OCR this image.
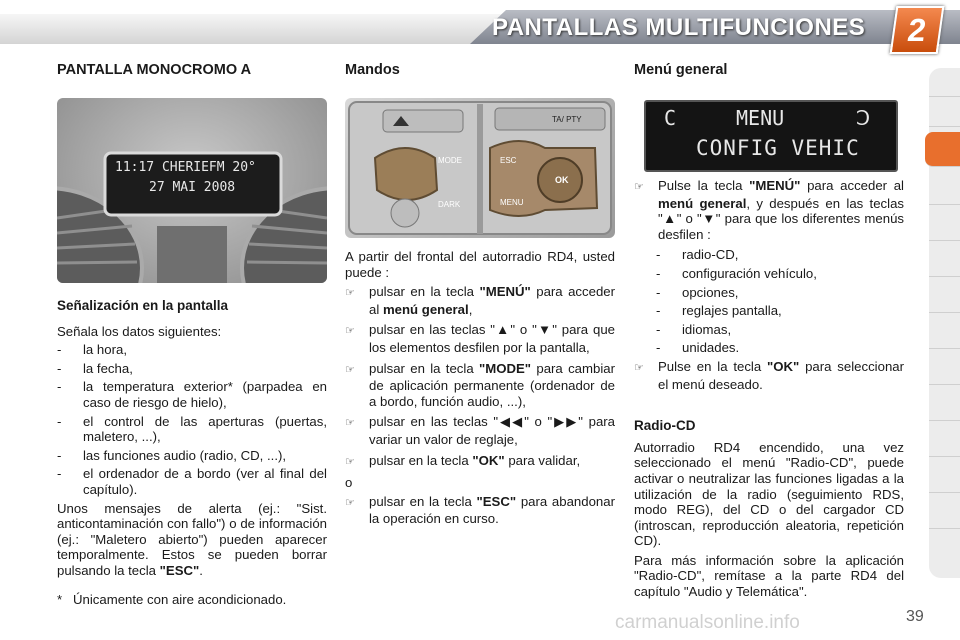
PANTALLAS MULTIFUNCIONES	2
PANTALLA MONOCROMO A
11:17 CHERIEFM 20°
27 MAI 2008
Señalización en la pantalla

Señala los datos siguientes:

- la hora,

- la fecha,

- la temperatura exterior* (parpadea en caso de riesgo de hielo),

- el control de las aperturas (puertas, maletero, ...),

- las funciones audio (radio, CD, ...),

- el ordenador de a bordo (ver al final del capítulo).

Unos mensajes de alerta (ej.: "Sist. anticontaminación con fallo") o de información (ej.: "Maletero abierto") pueden aparecer temporalmente. Estos se pueden borrar pulsando la tecla "ESC".

* Únicamente con aire acondicionado.
Mandos
TA/ PTY
MODE
DARK
ESC
OK
MENU

A partir del frontal del autorradio RD4, usted puede :

☞ pulsar en la tecla "MENÚ" para acceder al menú general,

☞ pulsar en las teclas "▲" o "▼" para que los elementos desfilen por la pantalla,

☞ pulsar en la tecla "MODE" para cambiar de aplicación permanente (ordenador de a bordo, función audio, ...),

☞ pulsar en las teclas "◀◀" o "▶▶" para variar un valor de reglaje,

☞ pulsar en la tecla "OK" para validar,

o

☞ pulsar en la tecla "ESC" para abandonar la operación en curso.

Menú general
C	MENU	Ↄ
CONFIG VEHIC

☞ Pulse la tecla "MENÚ" para acceder al menú general, y después en las teclas "▲" o "▼" para que los diferentes menús desfilen :

- radio-CD,

- configuración vehículo,

- opciones,

- reglajes pantalla,

- idiomas,

- unidades.

☞ Pulse en la tecla "OK" para seleccionar el menú deseado.

Radio-CD

Autorradio RD4 encendido, una vez seleccionado el menú "Radio-CD", puede activar o neutralizar las funciones ligadas a la utilización de la radio (seguimiento RDS, modo REG), del CD o del cargador CD (introscan, reproducción aleatoria, repetición CD).

Para más información sobre la aplicación "Radio-CD", remítase a la parte RD4 del capítulo "Audio y Telemática".

carmanualsonline.info	39
